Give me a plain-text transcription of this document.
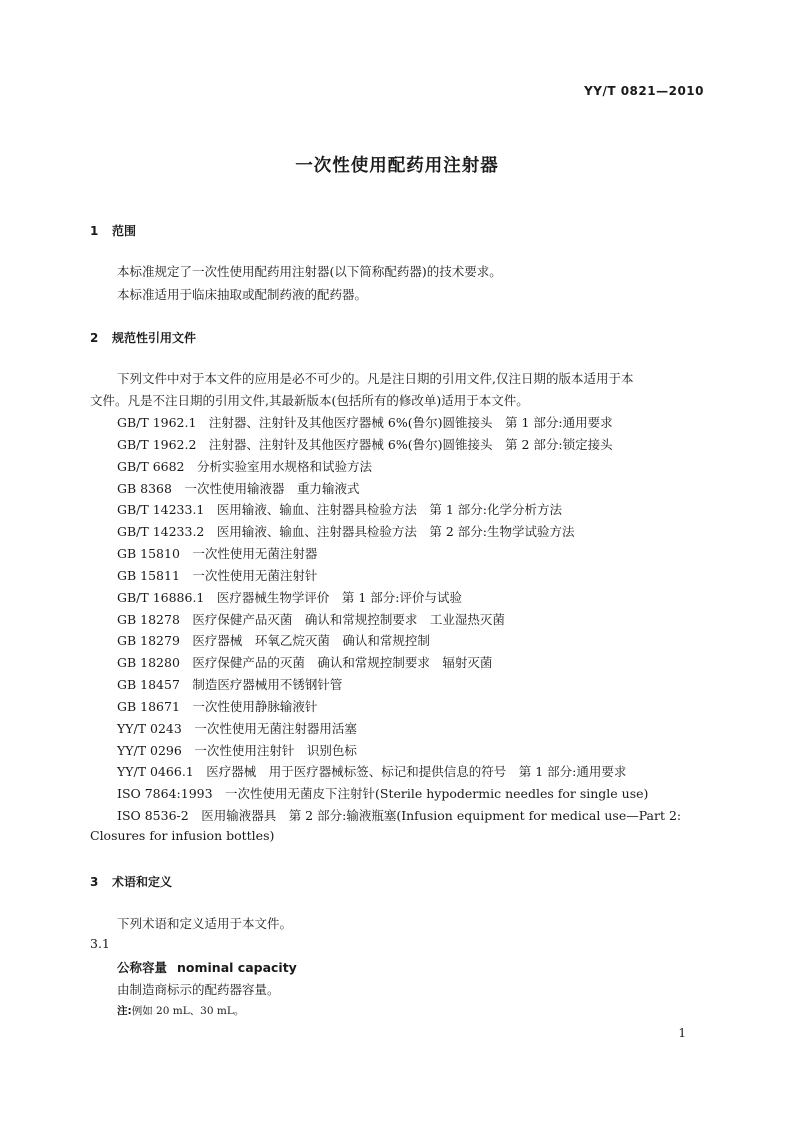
YY/T 0821—2010
一次性使用配药用注射器
1 范围
本标准规定了一次性使用配药用注射器(以下简称配药器)的技术要求。
本标准适用于临床抽取或配制药液的配药器。
2 规范性引用文件
下列文件中对于本文件的应用是必不可少的。凡是注日期的引用文件,仅注日期的版本适用于本
文件。凡是不注日期的引用文件,其最新版本(包括所有的修改单)适用于本文件。
GB/T 1962.1　注射器、注射针及其他医疗器械 6%(鲁尔)圆锥接头　第 1 部分:通用要求
GB/T 1962.2　注射器、注射针及其他医疗器械 6%(鲁尔)圆锥接头　第 2 部分:锁定接头
GB/T 6682　分析实验室用水规格和试验方法
GB 8368　一次性使用输液器　重力输液式
GB/T 14233.1　医用输液、输血、注射器具检验方法　第 1 部分:化学分析方法
GB/T 14233.2　医用输液、输血、注射器具检验方法　第 2 部分:生物学试验方法
GB 15810　一次性使用无菌注射器
GB 15811　一次性使用无菌注射针
GB/T 16886.1　医疗器械生物学评价　第 1 部分:评价与试验
GB 18278　医疗保健产品灭菌　确认和常规控制要求　工业湿热灭菌
GB 18279　医疗器械　环氧乙烷灭菌　确认和常规控制
GB 18280　医疗保健产品的灭菌　确认和常规控制要求　辐射灭菌
GB 18457　制造医疗器械用不锈钢针管
GB 18671　一次性使用静脉输液针
YY/T 0243　一次性使用无菌注射器用活塞
YY/T 0296　一次性使用注射针　识别色标
YY/T 0466.1　医疗器械　用于医疗器械标签、标记和提供信息的符号　第 1 部分:通用要求
ISO 7864:1993　一次性使用无菌皮下注射针(Sterile hypodermic needles for single use)
ISO 8536-2　医用输液器具　第 2 部分:输液瓶塞(Infusion equipment for medical use—Part 2:
Closures for infusion bottles)
3 术语和定义
下列术语和定义适用于本文件。
3.1
公称容量 nominal capacity
由制造商标示的配药器容量。
注:例如 20 mL、30 mL。
1
